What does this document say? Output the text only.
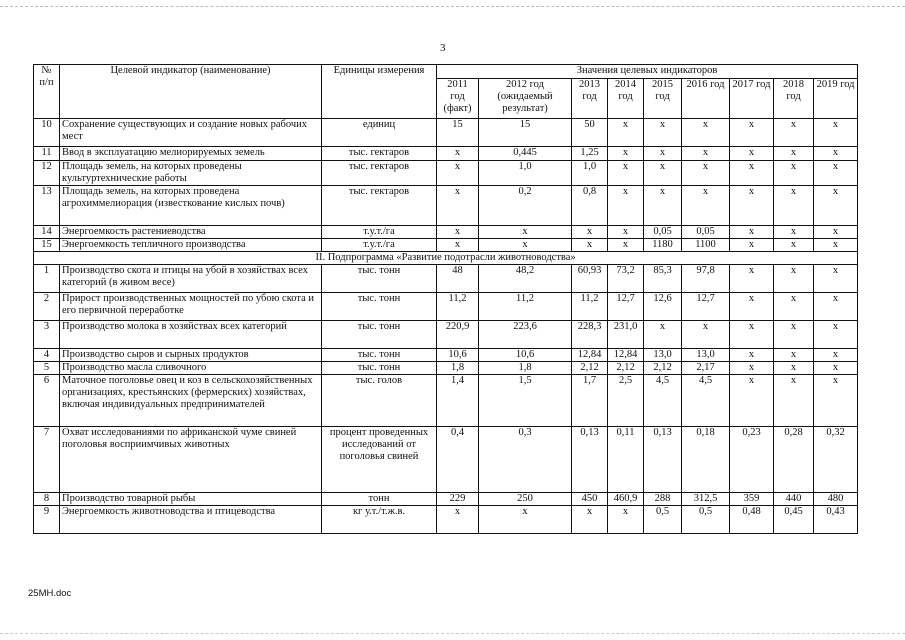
3
№ п/п	Целевой индикатор (наименование)	Единицы измерения	Значения целевых индикаторов								
			2011 год (факт)	2012 год (ожидаемый результат)	2013 год	2014 год	2015 год	2016 год	2017 год	2018 год	2019 год
10	Сохранение существующих и создание новых рабочих мест	единиц	15	15	50	х	х	х	х	х	х
11	Ввод в эксплуатацию мелиорируемых земель	тыс. гектаров	х	0,445	1,25	х	х	х	х	х	х
12	Площадь земель, на которых проведены культуртехнические работы	тыс. гектаров	х	1,0	1,0	х	х	х	х	х	х
13	Площадь земель, на которых проведена агрохиммелиорация (известкование кислых почв)	тыс. гектаров	х	0,2	0,8	х	х	х	х	х	х
14	Энергоемкость растениеводства	т.у.т./га	х	х	х	х	0,05	0,05	х	х	х
15	Энергоемкость тепличного производства	т.у.т./га	х	х	х	х	1180	1100	х	х	х
II. Подпрограмма «Развитие подотрасли животноводства»											
1	Производство скота и птицы на убой в хозяйствах всех категорий (в живом весе)	тыс. тонн	48	48,2	60,93	73,2	85,3	97,8	х	х	х
2	Прирост производственных мощностей по убою скота и его первичной переработке	тыс. тонн	11,2	11,2	11,2	12,7	12,6	12,7	х	х	х
3	Производство молока в хозяйствах всех категорий	тыс. тонн	220,9	223,6	228,3	231,0	х	х	х	х	х
4	Производство сыров и сырных продуктов	тыс. тонн	10,6	10,6	12,84	12,84	13,0	13,0	х	х	х
5	Производство масла сливочного	тыс. тонн	1,8	1,8	2,12	2,12	2,12	2,17	х	х	х
6	Маточное поголовье овец и коз в сельскохозяйственных организациях, крестьянских (фермерских) хозяйствах, включая индивидуальных предпринимателей	тыс. голов	1,4	1,5	1,7	2,5	4,5	4,5	х	х	х
7	Охват исследованиями по африканской чуме свиней поголовья восприимчивых животных	процент проведенных исследований от поголовья свиней	0,4	0,3	0,13	0,11	0,13	0,18	0,23	0,28	0,32
8	Производство товарной рыбы	тонн	229	250	450	460,9	288	312,5	359	440	480
9	Энергоемкость животноводства и птицеводства	кг у.т./т.ж.в.	х	х	х	х	0,5	0,5	0,48	0,45	0,43
25МН.doc
